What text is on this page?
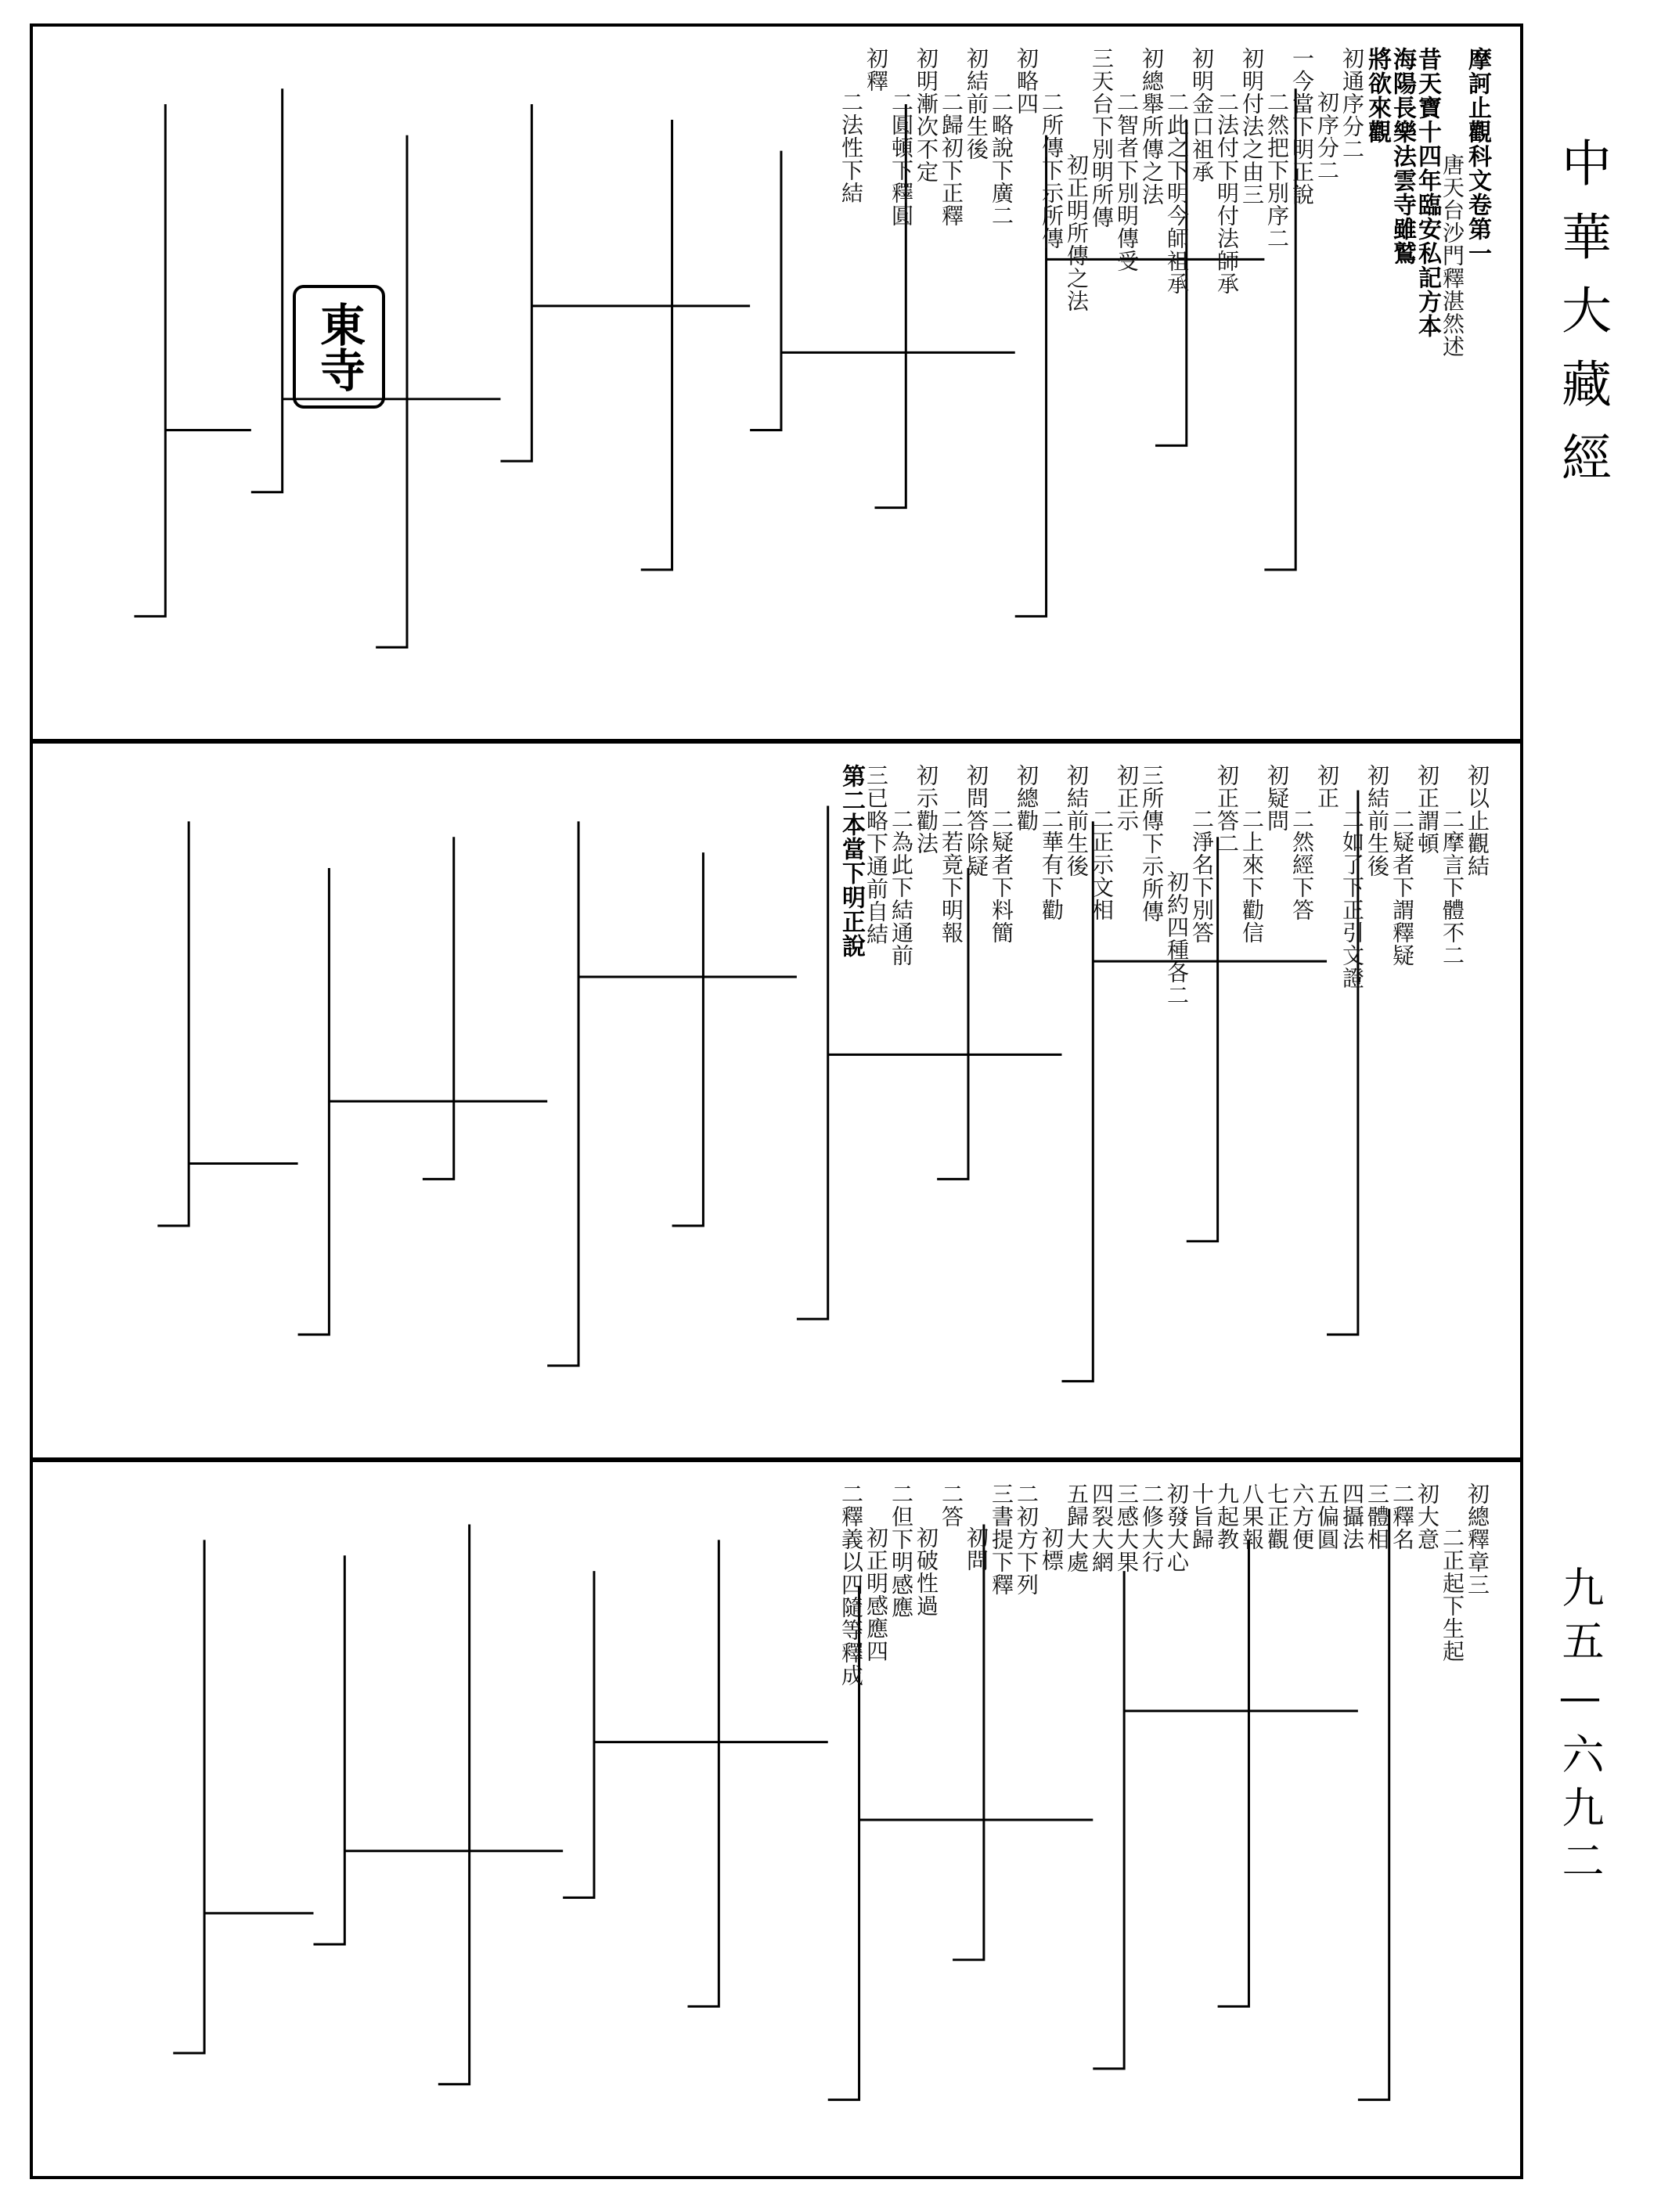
東寺
摩訶止觀科文卷第一
唐天台沙門釋湛然述
昔天寶十四年臨安私記方本
海陽長樂法雲寺雖鷲
將欲來觀
初通序分二
初序分二
一今當下明正說
二然把下別序二
初明付法之由三
二法付下明付法師承
初明金口祖承
二此之下明今師祖承
初總舉所傳之法
二智者下別明傳受
三天台下別明所傳
初正明所傳之法
二所傳下示所傳
初略四
二略說下廣二
初結前生後
二歸初下正釋
初明漸次不定
二圓頓下釋圓
初釋
二法性下結
初以止觀結
二摩言下體不二
初正謂頓
二疑者下謂釋疑
初結前生後
二如了下正引文證
初正
二然經下答
初疑問
二上來下勸信
初正答二
二淨名下別答
初約四種各二
三所傳下示所傳
初正示
二正示文相
初結前生後
二華有下勸
初總勸
二疑者下料簡
初問答除疑
二若竟下明報
初示勸法
二為此下結通前
三已略下通前自結
第二本當下明正說
初總釋章三
二正起下生起
初大意
二釋名
三體相
四攝法
五偏圓
六方便
七正觀
八果報
九起教
十旨歸
初發大心
二修大行
三感大果
四裂大網
五歸大處
初標
二初方下列
三書提下釋
初問
二答
初破性過
二但下明感應
初正明感應四
二釋義以四隨等釋成
中華大藏經
九五—六九二
